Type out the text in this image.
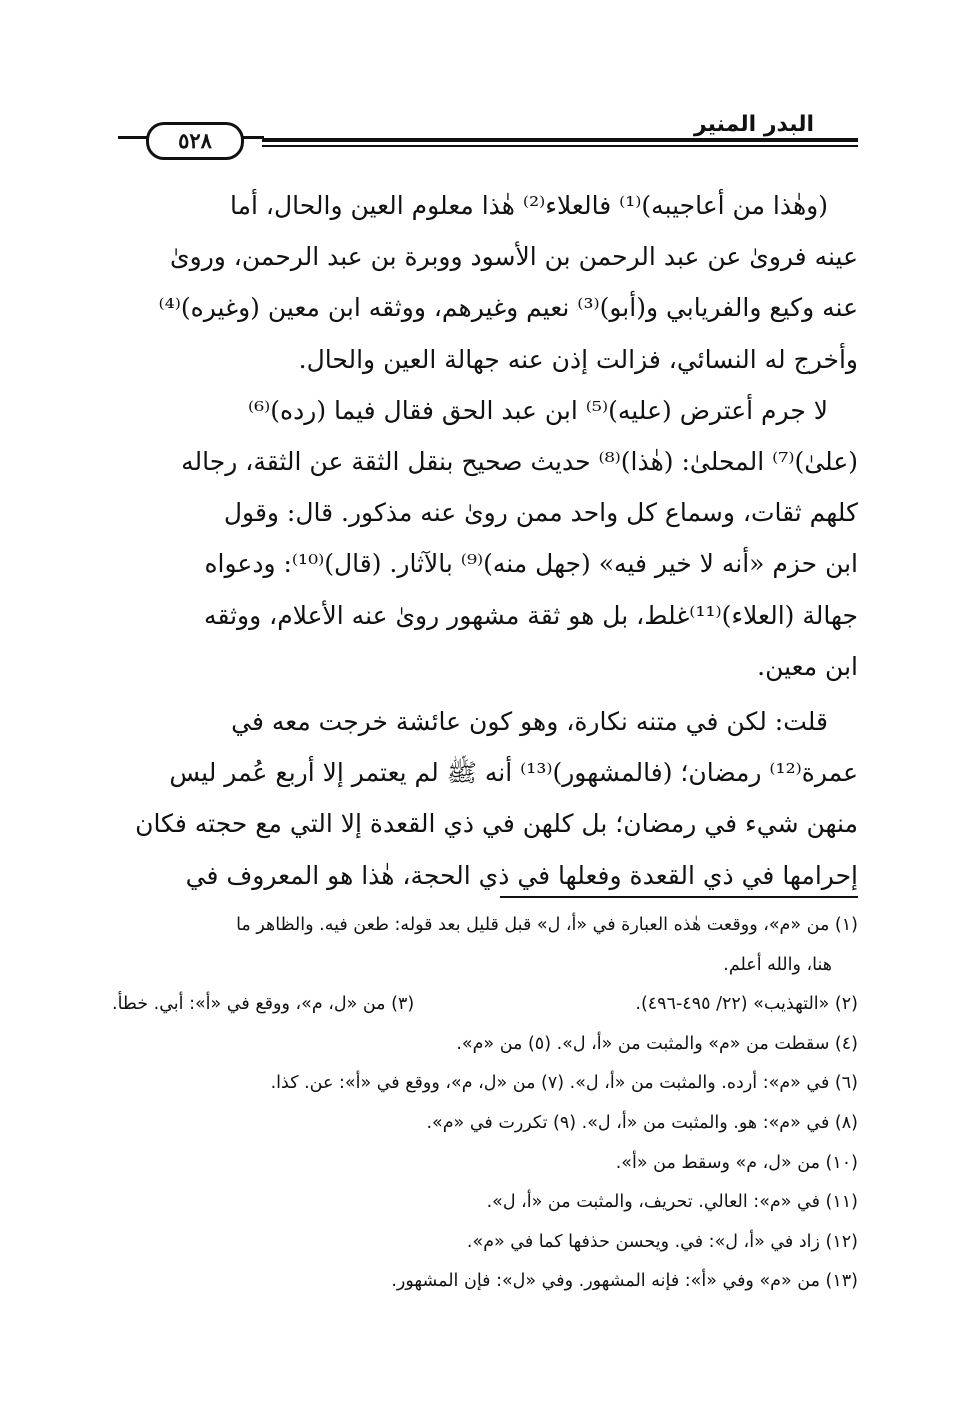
البدر المنير
٥٢٨

(وهٰذا من أعاجيبه)⁽¹⁾ فالعلاء⁽²⁾ هٰذا معلوم العين والحال، أما

عينه فروىٰ عن عبد الرحمن بن الأسود ووبرة بن عبد الرحمن، وروىٰ

عنه وكيع والفريابي و(أبو)⁽³⁾ نعيم وغيرهم، ووثقه ابن معين (وغيره)⁽⁴⁾

وأخرج له النسائي، فزالت إذن عنه جهالة العين والحال.

لا جرم أعترض (عليه)⁽⁵⁾ ابن عبد الحق فقال فيما (رده)⁽⁶⁾

(علىٰ)⁽⁷⁾ المحلىٰ: (هٰذا)⁽⁸⁾ حديث صحيح بنقل الثقة عن الثقة، رجاله

كلهم ثقات، وسماع كل واحد ممن روىٰ عنه مذكور. قال: وقول

ابن حزم «أنه لا خير فيه» (جهل منه)⁽⁹⁾ بالآثار. (قال)⁽¹⁰⁾: ودعواه

جهالة (العلاء)⁽¹¹⁾غلط، بل هو ثقة مشهور روىٰ عنه الأعلام، ووثقه

ابن معين.

قلت: لكن في متنه نكارة، وهو كون عائشة خرجت معه في

عمرة⁽¹²⁾ رمضان؛ (فالمشهور)⁽¹³⁾ أنه ﷺ لم يعتمر إلا أربع عُمر ليس

منهن شيء في رمضان؛ بل كلهن في ذي القعدة إلا التي مع حجته فكان

إحرامها في ذي القعدة وفعلها في ذي الحجة، هٰذا هو المعروف في

(١) من «م»، ووقعت هٰذه العبارة في «أ، ل» قبل قليل بعد قوله: طعن فيه. والظاهر ما

هنا، والله أعلم.

(٢) «التهذيب» (٢٢/ ٤٩٥-٤٩٦).
(٣) من «ل، م»، ووقع في «أ»: أبي. خطأ.

(٤) سقطت من «م» والمثبت من «أ، ل». (٥) من «م».

(٦) في «م»: أرده. والمثبت من «أ، ل». (٧) من «ل، م»، ووقع في «أ»: عن. كذا.

(٨) في «م»: هو. والمثبت من «أ، ل». (٩) تكررت في «م».

(١٠) من «ل، م» وسقط من «أ».

(١١) في «م»: العالي. تحريف، والمثبت من «أ، ل».

(١٢) زاد في «أ، ل»: في. ويحسن حذفها كما في «م».

(١٣) من «م» وفي «أ»: فإنه المشهور. وفي «ل»: فإن المشهور.
